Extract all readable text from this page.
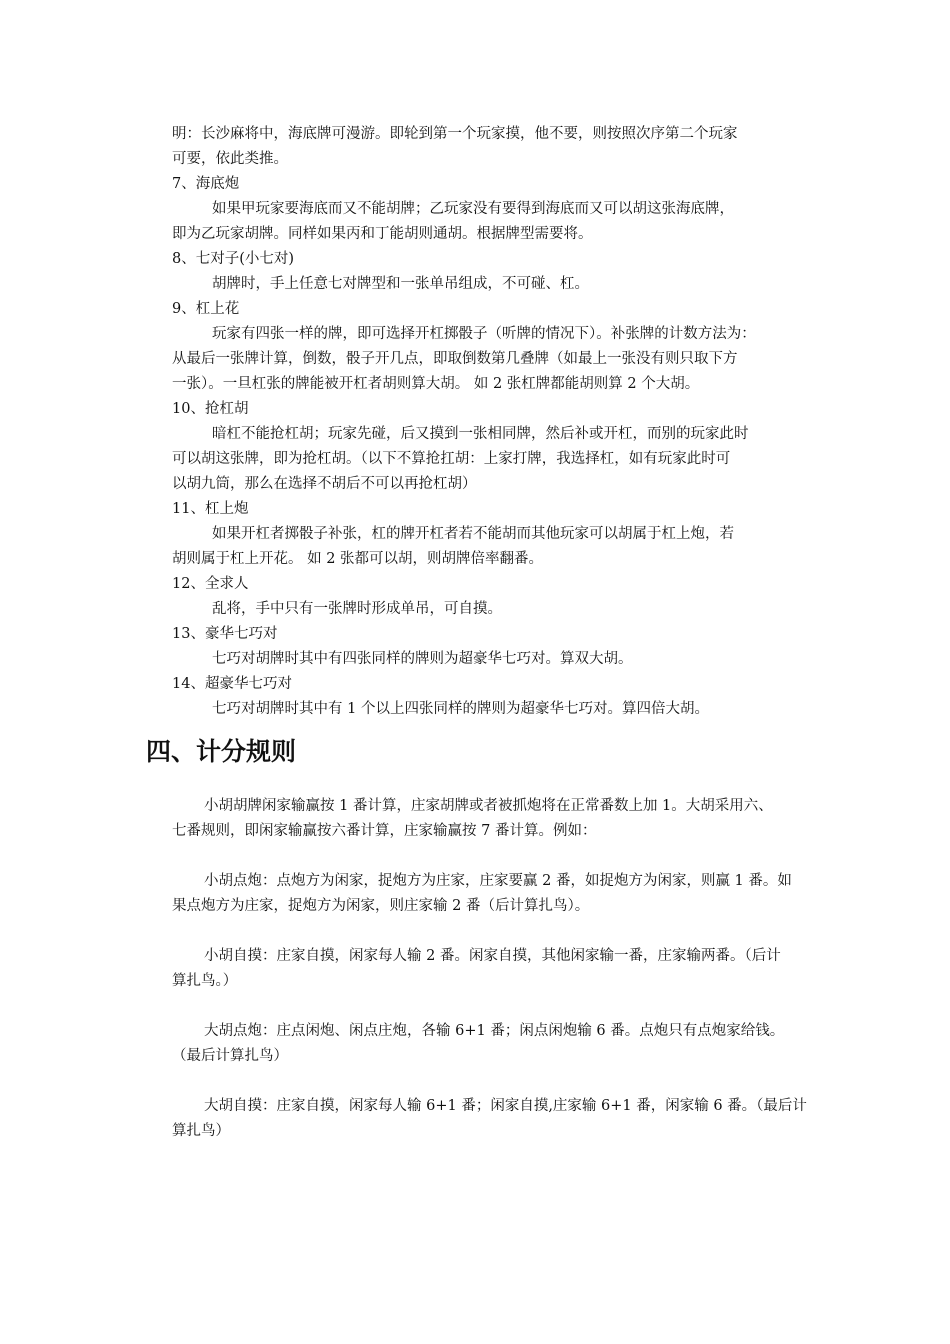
明：长沙麻将中，海底牌可漫游。即轮到第一个玩家摸，他不要，则按照次序第二个玩家

可要，依此类推。

7、海底炮

如果甲玩家要海底而又不能胡牌；乙玩家没有要得到海底而又可以胡这张海底牌，

即为乙玩家胡牌。同样如果丙和丁能胡则通胡。根据牌型需要将。

8、七对子(小七对)

胡牌时，手上任意七对牌型和一张单吊组成，不可碰、杠。

9、杠上花

玩家有四张一样的牌，即可选择开杠掷骰子（听牌的情况下）。补张牌的计数方法为：

从最后一张牌计算，倒数，骰子开几点，即取倒数第几叠牌（如最上一张没有则只取下方

一张）。一旦杠张的牌能被开杠者胡则算大胡。 如 2 张杠牌都能胡则算 2 个大胡。

10、抢杠胡

暗杠不能抢杠胡；玩家先碰，后又摸到一张相同牌，然后补或开杠，而别的玩家此时

可以胡这张牌，即为抢杠胡。（以下不算抢扛胡：上家打牌，我选择杠，如有玩家此时可

以胡九筒，那么在选择不胡后不可以再抢杠胡）

11、杠上炮

如果开杠者掷骰子补张，杠的牌开杠者若不能胡而其他玩家可以胡属于杠上炮，若

胡则属于杠上开花。 如 2 张都可以胡，则胡牌倍率翻番。

12、全求人

乱将，手中只有一张牌时形成单吊，可自摸。

13、豪华七巧对

七巧对胡牌时其中有四张同样的牌则为超豪华七巧对。算双大胡。

14、超豪华七巧对

七巧对胡牌时其中有 1 个以上四张同样的牌则为超豪华七巧对。算四倍大胡。

四、计分规则

小胡胡牌闲家输赢按 1 番计算，庄家胡牌或者被抓炮将在正常番数上加 1。大胡采用六、

七番规则，即闲家输赢按六番计算，庄家输赢按 7 番计算。例如：

小胡点炮：点炮方为闲家，捉炮方为庄家，庄家要赢 2 番，如捉炮方为闲家，则赢 1 番。如

果点炮方为庄家，捉炮方为闲家，则庄家输 2 番（后计算扎鸟）。

小胡自摸：庄家自摸，闲家每人输 2 番。闲家自摸，其他闲家输一番，庄家输两番。（后计

算扎鸟。）

大胡点炮：庄点闲炮、闲点庄炮，各输 6+1 番；闲点闲炮输 6 番。点炮只有点炮家给钱。

（最后计算扎鸟）

大胡自摸：庄家自摸，闲家每人输 6+1 番；闲家自摸,庄家输 6+1 番，闲家输 6 番。（最后计

算扎鸟）
